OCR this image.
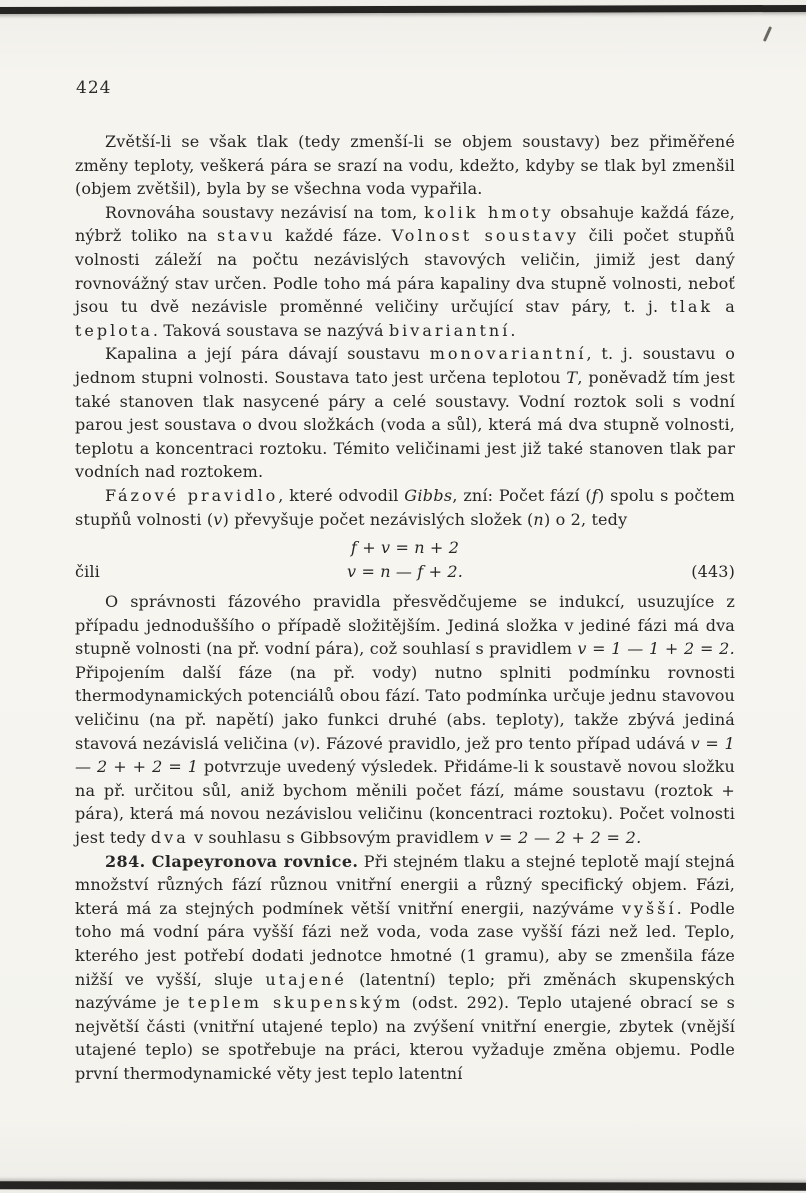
424

Zvětší-li se však tlak (tedy zmenší-li se objem soustavy) bez přiměřené změny teploty, veškerá pára se srazí na vodu, kdežto, kdyby se tlak byl zmenšil (objem zvětšil), byla by se všechna voda vypařila.

Rovnováha soustavy nezávisí na tom, kolik hmoty obsahuje každá fáze, nýbrž toliko na stavu každé fáze. Volnost soustavy čili počet stupňů volnosti záleží na počtu nezávislých stavových veličin, jimiž jest daný rovnovážný stav určen. Podle toho má pára kapaliny dva stupně volnosti, neboť jsou tu dvě nezávisle proměnné veličiny určující stav páry, t. j. tlak a teplota. Taková soustava se nazývá bivariantní.

Kapalina a její pára dávají soustavu monovariantní, t. j. soustavu o jednom stupni volnosti. Soustava tato jest určena teplotou T, poněvadž tím jest také stanoven tlak nasycené páry a celé soustavy. Vodní roztok soli s vodní parou jest soustava o dvou složkách (voda a sůl), která má dva stupně volnosti, teplotu a koncentraci roztoku. Témito veličinami jest již také stanoven tlak par vodních nad roztokem.

Fázové pravidlo, které odvodil Gibbs, zní: Počet fází (f) spolu s počtem stupňů volnosti (v) převyšuje počet nezávislých složek (n) o 2, tedy

f + v = n + 2
čili	v = n — f + 2.	(443)

O správnosti fázového pravidla přesvědčujeme se indukcí, usuzujíce z případu jednoduššího o případě složitějším. Jediná složka v jediné fázi má dva stupně volnosti (na př. vodní pára), což souhlasí s pravidlem v = 1 — 1 + 2 = 2. Připojením další fáze (na př. vody) nutno splniti podmínku rovnosti thermodynamických potenciálů obou fází. Tato podmínka určuje jednu stavovou veličinu (na př. napětí) jako funkci druhé (abs. teploty), takže zbývá jediná stavová nezávislá veličina (v). Fázové pravidlo, jež pro tento případ udává v = 1 — 2 + + 2 = 1 potvrzuje uvedený výsledek. Přidáme-li k soustavě novou složku na př. určitou sůl, aniž bychom měnili počet fází, máme soustavu (roztok + pára), která má novou nezávislou veličinu (koncentraci roztoku). Počet volnosti jest tedy dva v souhlasu s Gibbsovým pravidlem v = 2 — 2 + 2 = 2.

284. Clapeyronova rovnice. Při stejném tlaku a stejné teplotě mají stejná množství různých fází různou vnitřní energii a různý specifický objem. Fázi, která má za stejných podmínek větší vnitřní energii, nazýváme vyšší. Podle toho má vodní pára vyšší fázi než voda, voda zase vyšší fázi než led. Teplo, kterého jest potřebí dodati jednotce hmotné (1 gramu), aby se zmenšila fáze nižší ve vyšší, sluje utajené (latentní) teplo; při změnách skupenských nazýváme je teplem skupenským (odst. 292). Teplo utajené obrací se s největší části (vnitřní utajené teplo) na zvýšení vnitřní energie, zbytek (vnější utajené teplo) se spotřebuje na práci, kterou vyžaduje změna objemu. Podle první thermodynamické věty jest teplo latentní
